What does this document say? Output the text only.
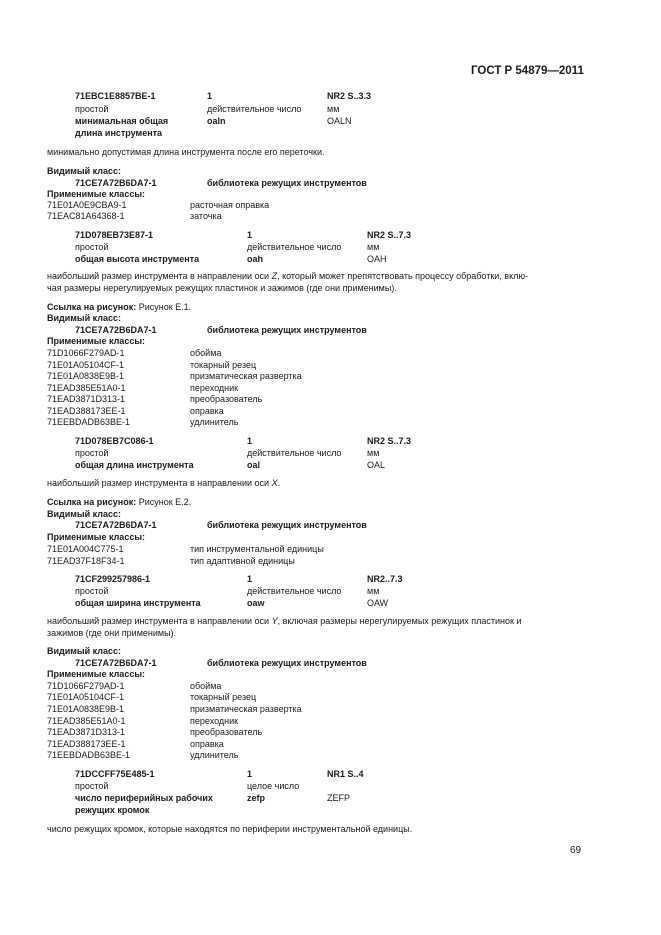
ГОСТ Р 54879—2011
71EBC1E8857BE-1	1	NR2 S..3.3
простой	действительное число	мм
минимальная общая	oaln	OALN
длина инструмента
минимально допустимая длина инструмента после его переточки.
Видимый класс:
71CE7A72B6DA7-1	библиотека режущих инструментов
Применимые классы:
71E01A0E9CBA9-1	расточная оправка
71EAC81A64368-1	заточка
71D078EB73E87-1	1	NR2 S..7.3
простой	действительное число	мм
общая высота инструмента	oah	OAH
наибольший размер инструмента в направлении оси Z, который может препятствовать процессу обработки, вклю-
чая размеры нерегулируемых режущих пластинок и зажимов (где они применимы).
Ссылка на рисунок: Рисунок Е.1.
Видимый класс:
71CE7A72B6DA7-1	библиотека режущих инструментов
Применимые классы:
71D1066F279AD-1	обойма
71E01A05104CF-1	токарный резец
71E01A0838E9B-1	призматическая развертка
71EAD385E51A0-1	переходник
71EAD3871D313-1	преобразователь
71EAD388173EE-1	оправка
71EEBDADB63BE-1	удлинитель
71D078EB7C086-1	1	NR2 S..7.3
простой	действительное число	мм
общая длина инструмента	oal	OAL
наибольший размер инструмента в направлении оси X.
Ссылка на рисунок: Рисунок Е.2.
Видимый класс:
71CE7A72B6DA7-1	библиотека режущих инструментов
Применимые классы:
71E01A004C775-1	тип инструментальной единицы
71EAD37F18F34-1	тип адаптивной единицы
71CF299257986-1	1	NR2..7.3
простой	действительное число	мм
общая ширина инструмента	oaw	OAW
наибольший размер инструмента в направлении оси Y, включая размеры нерегулируемых режущих пластинок и
зажимов (где они применимы).
Видимый класс:
71CE7A72B6DA7-1	библиотека режущих инструментов
Применимые классы:
71D1066F279AD-1	обойма
71E01A05104CF-1	токарный резец
71E01A0838E9B-1	призматическая развертка
71EAD385E51A0-1	переходник
71EAD3871D313-1	преобразователь
71EAD388173EE-1	оправка
71EEBDADB63BE-1	удлинитель
71DCCFF75E485-1	1	NR1 S..4
простой	целое число
число периферийных рабочих	zefp	ZEFP
режущих кромок
число режущих кромок, которые находятся по периферии инструментальной единицы.
69
